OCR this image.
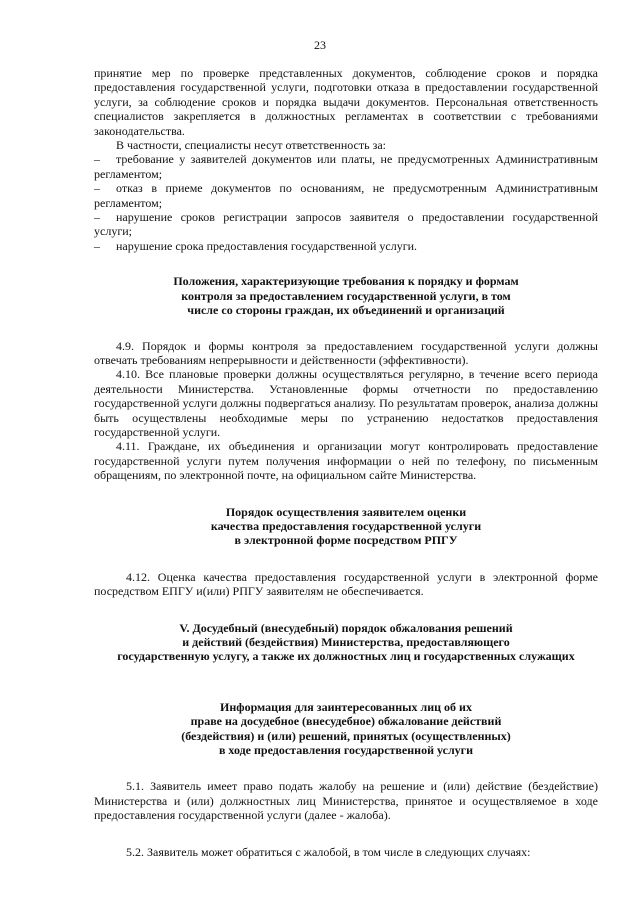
23

принятие мер по проверке представленных документов, соблюдение сроков и порядка предоставления государственной услуги, подготовки отказа в предоставлении государственной услуги, за соблюдение сроков и порядка выдачи документов. Персональная ответственность специалистов закрепляется в должностных регламентах в соответствии с требованиями законодательства.

В частности, специалисты несут ответственность за:

– требование у заявителей документов или платы, не предусмотренных Административным регламентом;

– отказ в приеме документов по основаниям, не предусмотренным Административным регламентом;

– нарушение сроков регистрации запросов заявителя о предоставлении государственной услуги;

– нарушение срока предоставления государственной услуги.

Положения, характеризующие требования к порядку и формам
контроля за предоставлением государственной услуги, в том
числе со стороны граждан, их объединений и организаций

4.9. Порядок и формы контроля за предоставлением государственной услуги должны отвечать требованиям непрерывности и действенности (эффективности).

4.10. Все плановые проверки должны осуществляться регулярно, в течение всего периода деятельности Министерства. Установленные формы отчетности по предоставлению государственной услуги должны подвергаться анализу. По результатам проверок, анализа должны быть осуществлены необходимые меры по устранению недостатков предоставления государственной услуги.

4.11. Граждане, их объединения и организации могут контролировать предоставление государственной услуги путем получения информации о ней по телефону, по письменным обращениям, по электронной почте, на официальном сайте Министерства.

Порядок осуществления заявителем оценки
качества предоставления государственной услуги
в электронной форме посредством РПГУ

4.12. Оценка качества предоставления государственной услуги в электронной форме посредством ЕПГУ и(или) РПГУ заявителям не обеспечивается.

V. Досудебный (внесудебный) порядок обжалования решений
и действий (бездействия) Министерства, предоставляющего
государственную услугу, а также их должностных лиц и государственных служащих
Информация для заинтересованных лиц об их
праве на досудебное (внесудебное) обжалование действий
(бездействия) и (или) решений, принятых (осуществленных)
в ходе предоставления государственной услуги

5.1. Заявитель имеет право подать жалобу на решение и (или) действие (бездействие) Министерства и (или) должностных лиц Министерства, принятое и осуществляемое в ходе предоставления государственной услуги (далее - жалоба).

5.2. Заявитель может обратиться с жалобой, в том числе в следующих случаях:
